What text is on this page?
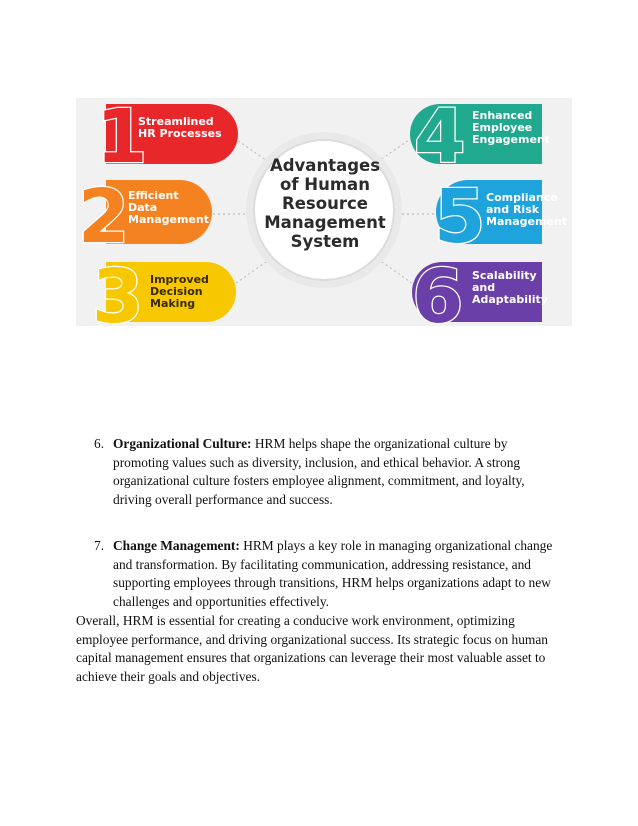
1
2
3
4
5
6
Advantages
of Human
Resource
Management
System
Streamlined
HR Processes
Efficient
Data
Management
Improved
Decision
Making
Enhanced
Employee
Engagement
Compliance
and Risk
Management
Scalability
and
Adaptability
6. Organizational Culture: HRM helps shape the organizational culture by promoting values such as diversity, inclusion, and ethical behavior. A strong organizational culture fosters employee alignment, commitment, and loyalty, driving overall performance and success.
7. Change Management: HRM plays a key role in managing organizational change and transformation. By facilitating communication, addressing resistance, and supporting employees through transitions, HRM helps organizations adapt to new challenges and opportunities effectively.

Overall, HRM is essential for creating a conducive work environment, optimizing employee performance, and driving organizational success. Its strategic focus on human capital management ensures that organizations can leverage their most valuable asset to achieve their goals and objectives.
